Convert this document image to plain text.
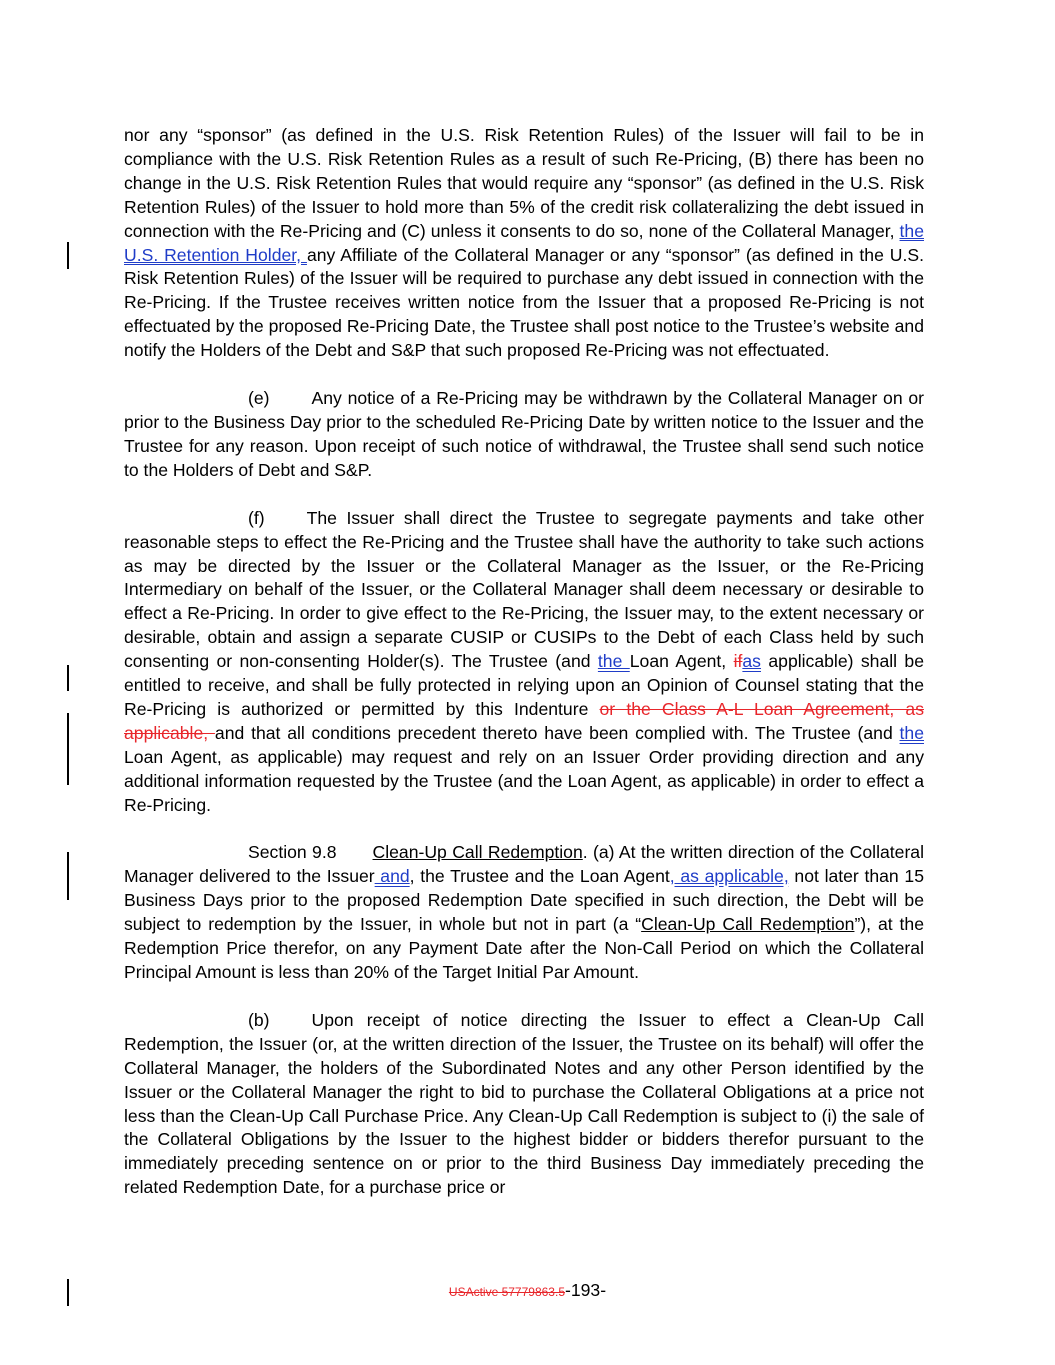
nor any “sponsor” (as defined in the U.S. Risk Retention Rules) of the Issuer will fail to be in compliance with the U.S. Risk Retention Rules as a result of such Re-Pricing, (B) there has been no change in the U.S. Risk Retention Rules that would require any “sponsor” (as defined in the U.S. Risk Retention Rules) of the Issuer to hold more than 5% of the credit risk collateralizing the debt issued in connection with the Re-Pricing and (C) unless it consents to do so, none of the Collateral Manager, the U.S. Retention Holder, any Affiliate of the Collateral Manager or any “sponsor” (as defined in the U.S. Risk Retention Rules) of the Issuer will be required to purchase any debt issued in connection with the Re-Pricing. If the Trustee receives written notice from the Issuer that a proposed Re-Pricing is not effectuated by the proposed Re-Pricing Date, the Trustee shall post notice to the Trustee’s website and notify the Holders of the Debt and S&P that such proposed Re-Pricing was not effectuated.

(e) Any notice of a Re-Pricing may be withdrawn by the Collateral Manager on or prior to the Business Day prior to the scheduled Re-Pricing Date by written notice to the Issuer and the Trustee for any reason. Upon receipt of such notice of withdrawal, the Trustee shall send such notice to the Holders of Debt and S&P.

(f) The Issuer shall direct the Trustee to segregate payments and take other reasonable steps to effect the Re-Pricing and the Trustee shall have the authority to take such actions as may be directed by the Issuer or the Collateral Manager as the Issuer, or the Re-Pricing Intermediary on behalf of the Issuer, or the Collateral Manager shall deem necessary or desirable to effect a Re-Pricing. In order to give effect to the Re-Pricing, the Issuer may, to the extent necessary or desirable, obtain and assign a separate CUSIP or CUSIPs to the Debt of each Class held by such consenting or non-consenting Holder(s). The Trustee (and the Loan Agent, ifas applicable) shall be entitled to receive, and shall be fully protected in relying upon an Opinion of Counsel stating that the Re-Pricing is authorized or permitted by this Indenture or the Class A-L Loan Agreement, as applicable, and that all conditions precedent thereto have been complied with. The Trustee (and the Loan Agent, as applicable) may request and rely on an Issuer Order providing direction and any additional information requested by the Trustee (and the Loan Agent, as applicable) in order to effect a Re-Pricing.

Section 9.8 Clean-Up Call Redemption. (a) At the written direction of the Collateral Manager delivered to the Issuer and, the Trustee and the Loan Agent, as applicable, not later than 15 Business Days prior to the proposed Redemption Date specified in such direction, the Debt will be subject to redemption by the Issuer, in whole but not in part (a “Clean-Up Call Redemption”), at the Redemption Price therefor, on any Payment Date after the Non-Call Period on which the Collateral Principal Amount is less than 20% of the Target Initial Par Amount.

(b) Upon receipt of notice directing the Issuer to effect a Clean-Up Call Redemption, the Issuer (or, at the written direction of the Issuer, the Trustee on its behalf) will offer the Collateral Manager, the holders of the Subordinated Notes and any other Person identified by the Issuer or the Collateral Manager the right to bid to purchase the Collateral Obligations at a price not less than the Clean-Up Call Purchase Price. Any Clean-Up Call Redemption is subject to (i) the sale of the Collateral Obligations by the Issuer to the highest bidder or bidders therefor pursuant to the immediately preceding sentence on or prior to the third Business Day immediately preceding the related Redemption Date, for a purchase price or

USActive 57779863.5-193-
